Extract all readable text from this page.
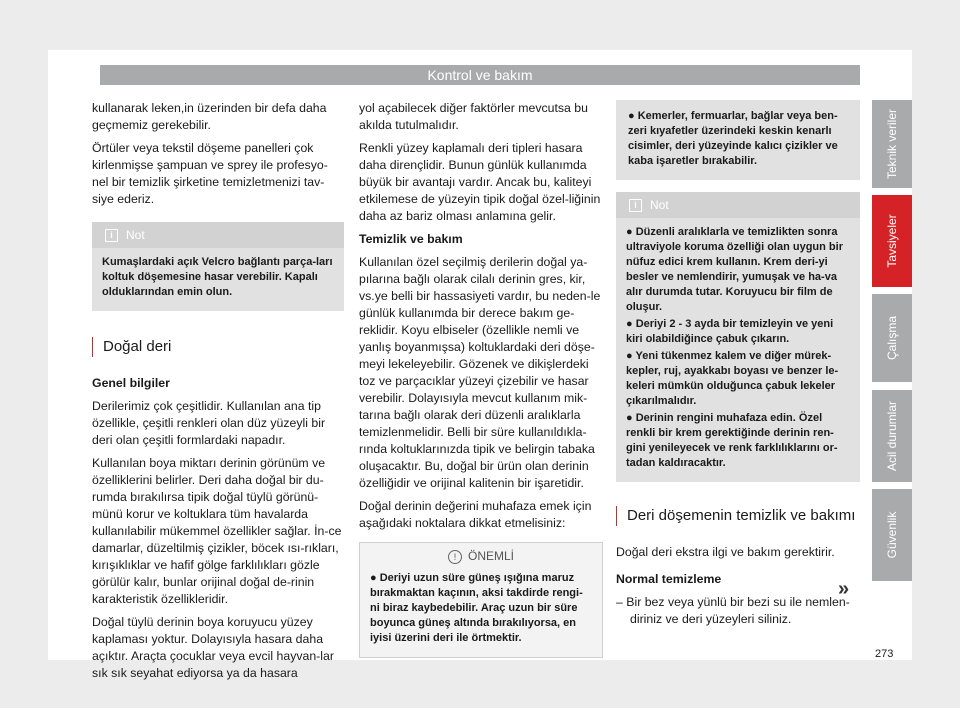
Kontrol ve bakım

kullanarak leken,in üzerinden bir defa daha geçmemiz gerekebilir.

Örtüler veya tekstil döşeme panelleri çok kirlenmişse şampuan ve sprey ile profesyo-nel bir temizlik şirketine temizletmenizi tav-siye ederiz.

i Not

Kumaşlardaki açık Velcro bağlantı parça-ları koltuk döşemesine hasar verebilir. Kapalı olduklarından emin olun.

Doğal deri

Genel bilgiler

Derilerimiz çok çeşitlidir. Kullanılan ana tip özellikle, çeşitli renkleri olan düz yüzeyli bir deri olan çeşitli formlardaki napadır.

Kullanılan boya miktarı derinin görünüm ve özelliklerini belirler. Deri daha doğal bir du-rumda bırakılırsa tipik doğal tüylü görünü-münü korur ve koltuklara tüm havalarda kullanılabilir mükemmel özellikler sağlar. İn-ce damarlar, düzeltilmiş çizikler, böcek ısı-rıkları, kırışıklıklar ve hafif gölge farklılıkları gözle görülür kalır, bunlar orijinal doğal de-rinin karakteristik özellikleridir.

Doğal tüylü derinin boya koruyucu yüzey kaplaması yoktur. Dolayısıyla hasara daha açıktır. Araçta çocuklar veya evcil hayvan-lar sık sık seyahat ediyorsa ya da hasara

yol açabilecek diğer faktörler mevcutsa bu akılda tutulmalıdır.

Renkli yüzey kaplamalı deri tipleri hasara daha dirençlidir. Bunun günlük kullanımda büyük bir avantajı vardır. Ancak bu, kaliteyi etkilemese de yüzeyin tipik doğal özel-liğinin daha az bariz olması anlamına gelir.

Temizlik ve bakım

Kullanılan özel seçilmiş derilerin doğal ya-pılarına bağlı olarak cilalı derinin gres, kir, vs.ye belli bir hassasiyeti vardır, bu neden-le günlük kullanımda bir derece bakım ge-reklidir. Koyu elbiseler (özellikle nemli ve yanlış boyanmışsa) koltuklardaki deri döşe-meyi lekeleyebilir. Gözenek ve dikişlerdeki toz ve parçacıklar yüzeyi çizebilir ve hasar verebilir. Dolayısıyla mevcut kullanım mik-tarına bağlı olarak deri düzenli aralıklarla temizlenmelidir. Belli bir süre kullanıldıkla-rında koltuklarınızda tipik ve belirgin tabaka oluşacaktır. Bu, doğal bir ürün olan derinin özelliğidir ve orijinal kalitenin bir işaretidir.

Doğal derinin değerini muhafaza emek için aşağıdaki noktalara dikkat etmelisiniz:

! ÖNEMLİ

● Deriyi uzun süre güneş ışığına maruz bırakmaktan kaçının, aksi takdirde rengi-ni biraz kaybedebilir. Araç uzun bir süre boyunca güneş altında bırakılıyorsa, en iyisi üzerini deri ile örtmektir.

● Kemerler, fermuarlar, bağlar veya ben-zeri kıyafetler üzerindeki keskin kenarlı cisimler, deri yüzeyinde kalıcı çizikler ve kaba işaretler bırakabilir.

i Not

● Düzenli aralıklarla ve temizlikten sonra ultraviyole koruma özelliği olan uygun bir nüfuz edici krem kullanın. Krem deri-yi besler ve nemlendirir, yumuşak ve ha-va alır durumda tutar. Koruyucu bir film de oluşur.

● Deriyi 2 - 3 ayda bir temizleyin ve yeni kiri olabildiğince çabuk çıkarın.

● Yeni tükenmez kalem ve diğer mürek-kepler, ruj, ayakkabı boyası ve benzer le-keleri mümkün olduğunca çabuk lekeler çıkarılmalıdır.

● Derinin rengini muhafaza edin. Özel renkli bir krem gerektiğinde derinin ren-gini yenileyecek ve renk farklılıklarını or-tadan kaldıracaktır.

Deri döşemenin temizlik ve bakımı

Doğal deri ekstra ilgi ve bakım gerektirir.

Normal temizleme

– Bir bez veya yünlü bir bezi su ile nemlen-diriniz ve deri yüzeyleri siliniz.

Teknik veriler
Tavsiyeler
Çalışma
Acil durumlar
Güvenlik
»
273
